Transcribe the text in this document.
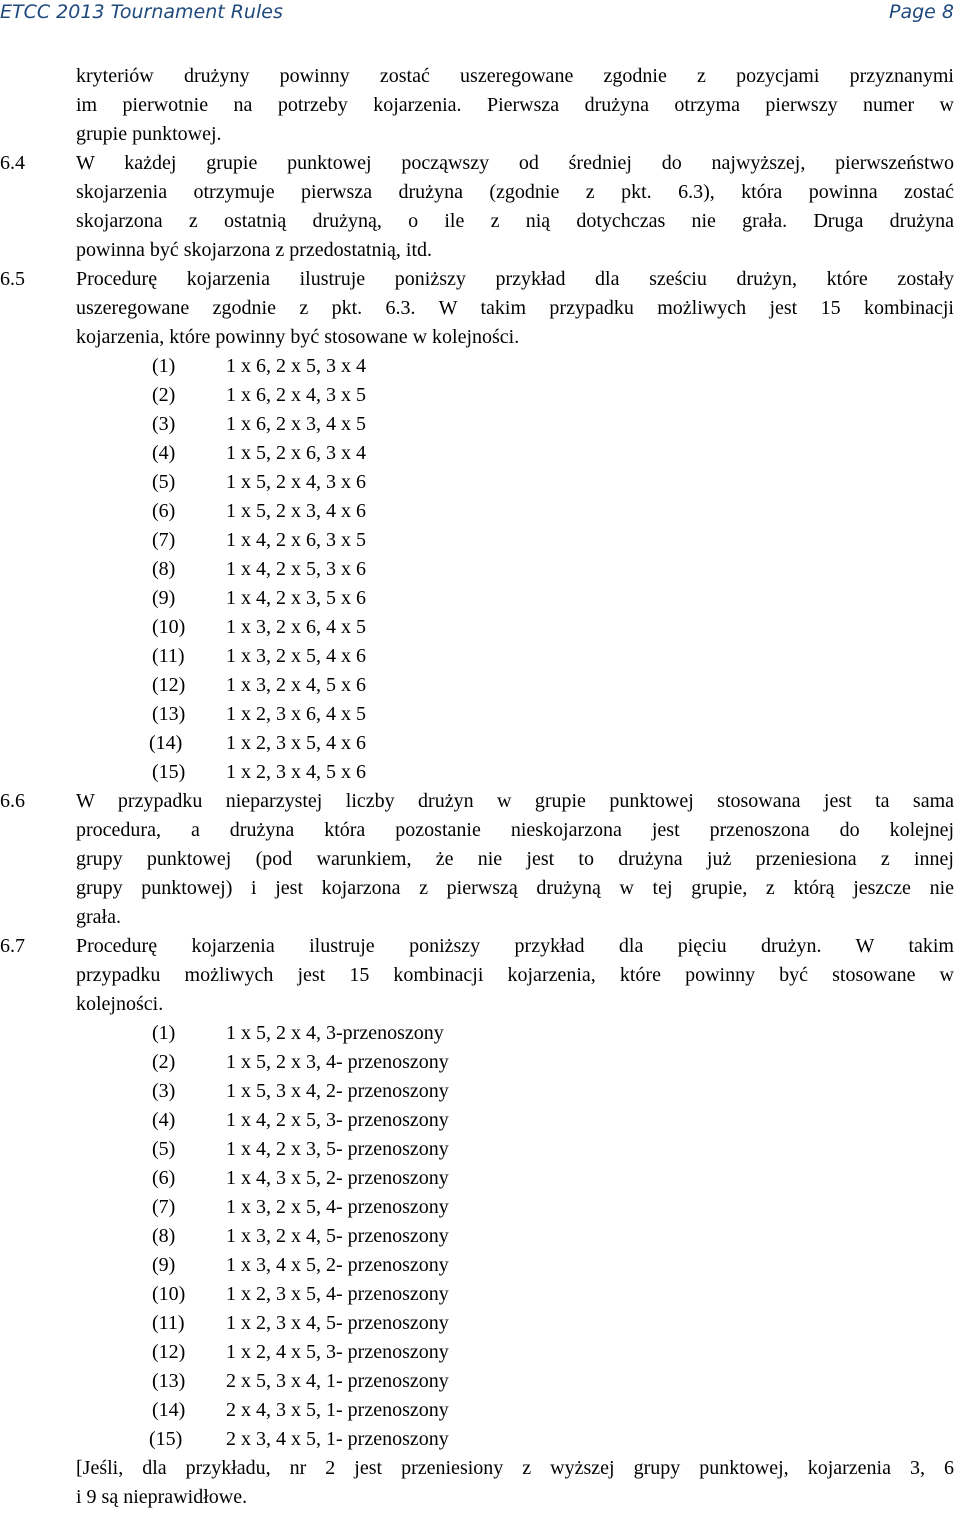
ETCC 2013 Tournament Rules	Page 8
kryteriów drużyny powinny zostać uszeregowane zgodnie z pozycjami przyznanymi
im pierwotnie na potrzeby kojarzenia. Pierwsza drużyna otrzyma pierwszy numer w
grupie punktowej.
6.4	W każdej grupie punktowej począwszy od średniej do najwyższej, pierwszeństwo
skojarzenia otrzymuje pierwsza drużyna (zgodnie z pkt. 6.3), która powinna zostać
skojarzona z ostatnią drużyną, o ile z nią dotychczas nie grała. Druga drużyna
powinna być skojarzona z przedostatnią, itd.
6.5	Procedurę kojarzenia ilustruje poniższy przykład dla sześciu drużyn, które zostały
uszeregowane zgodnie z pkt. 6.3. W takim przypadku możliwych jest 15 kombinacji
kojarzenia, które powinny być stosowane w kolejności.
(1)	1 x 6, 2 x 5, 3 x 4
(2)	1 x 6, 2 x 4, 3 x 5
(3)	1 x 6, 2 x 3, 4 x 5
(4)	1 x 5, 2 x 6, 3 x 4
(5)	1 x 5, 2 x 4, 3 x 6
(6)	1 x 5, 2 x 3, 4 x 6
(7)	1 x 4, 2 x 6, 3 x 5
(8)	1 x 4, 2 x 5, 3 x 6
(9)	1 x 4, 2 x 3, 5 x 6
(10) 1 x 3, 2 x 6, 4 x 5
(11) 1 x 3, 2 x 5, 4 x 6
(12) 1 x 3, 2 x 4, 5 x 6
(13) 1 x 2, 3 x 6, 4 x 5
(14) 1 x 2, 3 x 5, 4 x 6
(15) 1 x 2, 3 x 4, 5 x 6
6.6	W przypadku nieparzystej liczby drużyn w grupie punktowej stosowana jest ta sama
procedura, a drużyna która pozostanie nieskojarzona jest przenoszona do kolejnej
grupy punktowej (pod warunkiem, że nie jest to drużyna już przeniesiona z innej
grupy punktowej) i jest kojarzona z pierwszą drużyną w tej grupie, z którą jeszcze nie
grała.
6.7	Procedurę kojarzenia ilustruje poniższy przykład dla pięciu drużyn. W takim
przypadku możliwych jest 15 kombinacji kojarzenia, które powinny być stosowane w
kolejności.
(1)	1 x 5, 2 x 4, 3-przenoszony
(2)	1 x 5, 2 x 3, 4- przenoszony
(3)	1 x 5, 3 x 4, 2- przenoszony
(4)	1 x 4, 2 x 5, 3- przenoszony
(5)	1 x 4, 2 x 3, 5- przenoszony
(6)	1 x 4, 3 x 5, 2- przenoszony
(7)	1 x 3, 2 x 5, 4- przenoszony
(8)	1 x 3, 2 x 4, 5- przenoszony
(9)	1 x 3, 4 x 5, 2- przenoszony
(10) 1 x 2, 3 x 5, 4- przenoszony
(11) 1 x 2, 3 x 4, 5- przenoszony
(12) 1 x 2, 4 x 5, 3- przenoszony
(13) 2 x 5, 3 x 4, 1- przenoszony
(14) 2 x 4, 3 x 5, 1- przenoszony
(15) 2 x 3, 4 x 5, 1- przenoszony
[Jeśli, dla przykładu, nr 2 jest przeniesiony z wyższej grupy punktowej, kojarzenia 3, 6
i 9 są nieprawidłowe.
